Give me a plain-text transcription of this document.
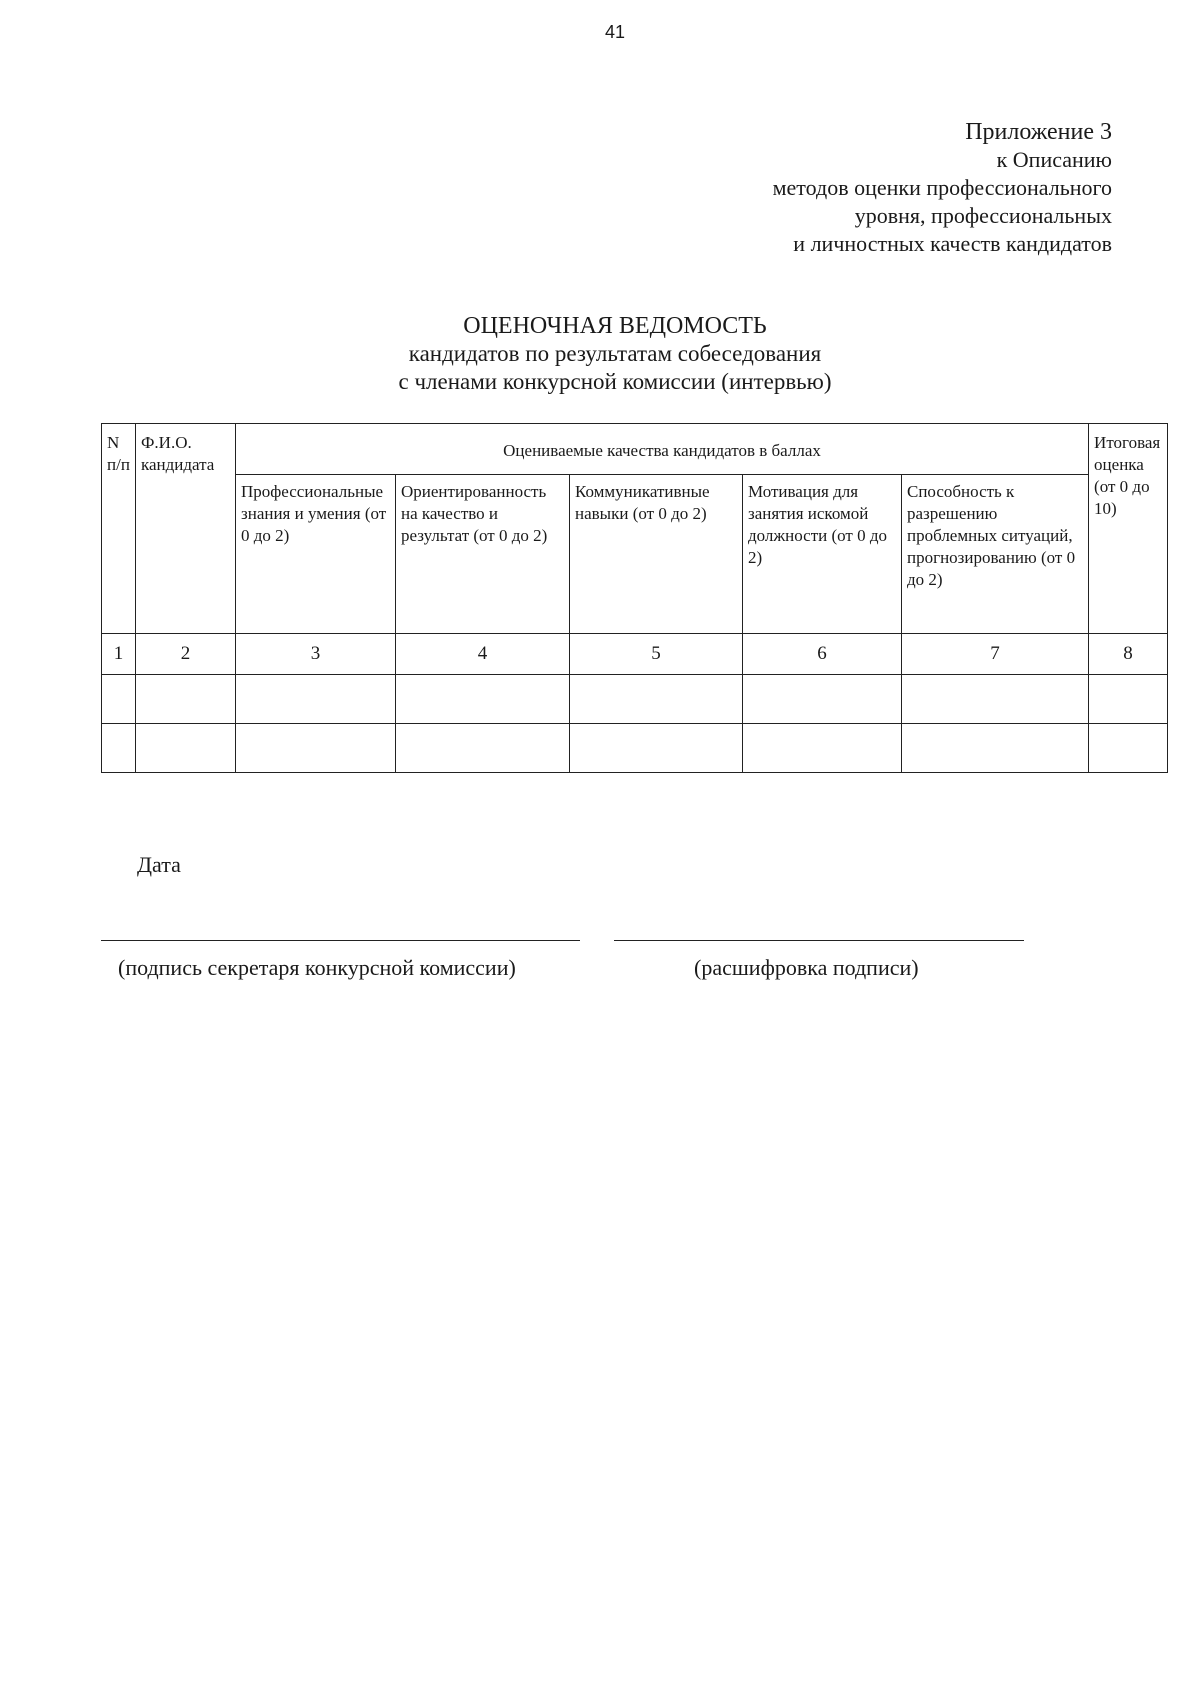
41
Приложение 3
к Описанию
методов оценки профессионального
уровня, профессиональных
и личностных качеств кандидатов
ОЦЕНОЧНАЯ ВЕДОМОСТЬ
кандидатов по результатам собеседования
с членами конкурсной комиссии (интервью)
N п/п	Ф.И.О. кандидата	Оцениваемые качества кандидатов в баллах					Итоговая оценка (от 0 до 10)
		Профессиональные знания и умения (от 0 до 2)	Ориентированность на качество и результат (от 0 до 2)	Коммуникативные навыки (от 0 до 2)	Мотивация для занятия искомой должности (от 0 до 2)	Способность к разрешению проблемных ситуаций, прогнозированию (от 0 до 2)	
1	2	3	4	5	6	7	8

Дата
(подпись секретаря конкурсной комиссии)	(расшифровка подписи)
